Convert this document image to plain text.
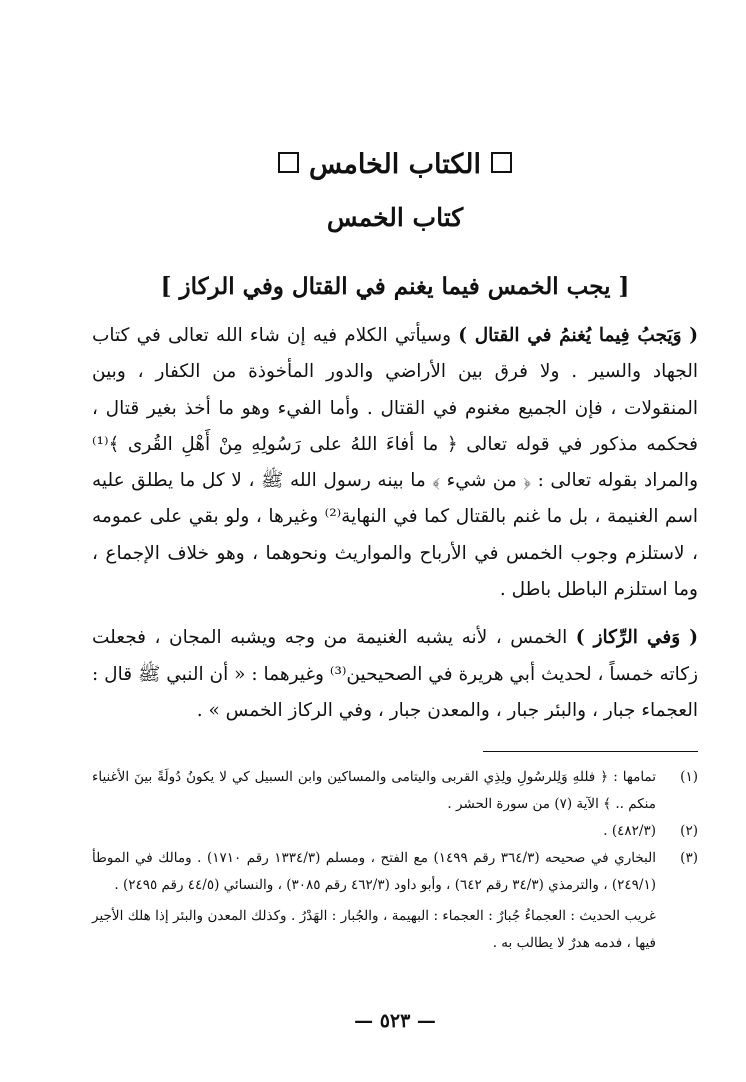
الكتاب الخامس
كتاب الخمس
[ يجب الخمس فيما يغنم في القتال وفي الركاز ]

( وَيَجبُ فِيما يُغنمُ في القتال ) وسيأتي الكلام فيه إن شاء الله تعالى في كتاب الجهاد والسير . ولا فرق بين الأراضي والدور المأخوذة من الكفار ، وبين المنقولات ، فإن الجميع مغنوم في القتال . وأما الفيء وهو ما أخذ بغير قتال ، فحكمه مذكور في قوله تعالى ﴿ ما أفاءَ اللهُ على رَسُولِهِ مِنْ أَهْلِ القُرى ﴾⁽¹⁾ والمراد بقوله تعالى : ﴿ من شيء ﴾ ما بينه رسول الله ﷺ ، لا كل ما يطلق عليه اسم الغنيمة ، بل ما غنم بالقتال كما في النهاية⁽²⁾ وغيرها ، ولو بقي على عمومه ، لاستلزم وجوب الخمس في الأرباح والمواريث ونحوهما ، وهو خلاف الإجماع ، وما استلزم الباطل باطل .

( وَفي الرِّكاز ) الخمس ، لأنه يشبه الغنيمة من وجه ويشبه المجان ، فجعلت زكاته خمساً ، لحديث أبي هريرة في الصحيحين⁽³⁾ وغيرهما : « أن النبي ﷺ قال : العجماء جبار ، والبئر جبار ، والمعدن جبار ، وفي الركاز الخمس » .

(١)
تمامها : ﴿ فللهِ وَلِلرسُولِ ولِذِي القربى واليتامى والمساكين وابن السبيل كي لا يكونُ دُولَةً بينَ الأغنياء منكم .. ﴾ الآية (٧) من سورة الحشر .
(٢)
(٤٨٢/٣) .
(٣)
البخاري في صحيحه (٣٦٤/٣ رقم ١٤٩٩) مع الفتح ، ومسلم (١٣٣٤/٣ رقم ١٧١٠) . ومالك في الموطأ (٢٤٩/١) ، والترمذي (٣٤/٣ رقم ٦٤٢) ، وأبو داود (٤٦٢/٣ رقم ٣٠٨٥) ، والنسائي (٤٤/٥ رقم ٢٤٩٥) .

غريب الحديث : العجماءُ جُبارٌ : العجماء : البهيمة ، والجُبار : الهَدْرُ . وكذلك المعدن والبئر إذا هلك الأجير فيها ، فدمه هدرٌ لا يطالب به .

— ٥٢٣ —
